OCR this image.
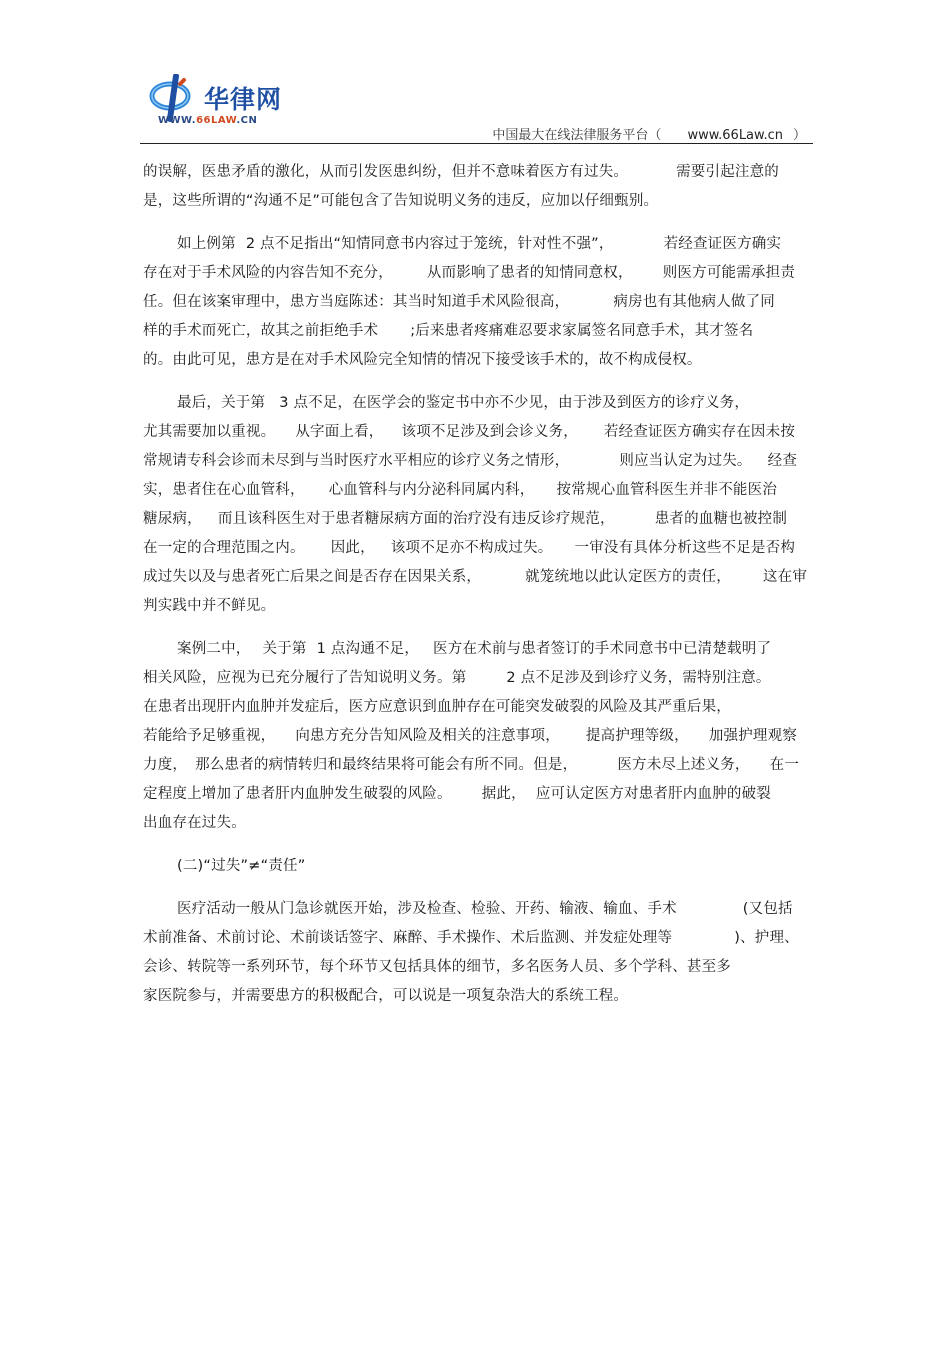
华律网
WWW.66LAW.CN
中国最大在线法律服务平台（ www.66Law.cn ）
的误解，医患矛盾的激化，从而引发医患纠纷，但并不意味着医方有过失。	需要引起注意的
是，这些所谓的“沟通不足”可能包含了告知说明义务的违反，应加以仔细甄别。
如上例第 2 点不足指出“知情同意书内容过于笼统，针对性不强”，	若经查证医方确实
存在对于手术风险的内容告知不充分， 从而影响了患者的知情同意权， 则医方可能需承担责
任。但在该案审理中，患方当庭陈述：其当时知道手术风险很高，	病房也有其他病人做了同
样的手术而死亡，故其之前拒绝手术 ;后来患者疼痛难忍要求家属签名同意手术，其才签名
的。由此可见，患方是在对手术风险完全知情的情况下接受该手术的，故不构成侵权。
最后，关于第 3 点不足，在医学会的鉴定书中亦不少见，由于涉及到医方的诊疗义务，
尤其需要加以重视。 从字面上看， 该项不足涉及到会诊义务， 若经查证医方确实存在因未按
常规请专科会诊而未尽到与当时医疗水平相应的诊疗义务之情形，	则应当认定为过失。 经查
实，患者住在心血管科， 心血管科与内分泌科同属内科， 按常规心血管科医生并非不能医治
糖尿病， 而且该科医生对于患者糖尿病方面的治疗没有违反诊疗规范，	患者的血糖也被控制
在一定的合理范围之内。 因此， 该项不足亦不构成过失。 一审没有具体分析这些不足是否构
成过失以及与患者死亡后果之间是否存在因果关系，	就笼统地以此认定医方的责任， 这在审
判实践中并不鲜见。
案例二中， 关于第 1 点沟通不足， 医方在术前与患者签订的手术同意书中已清楚载明了
相关风险，应视为已充分履行了告知说明义务。第	2 点不足涉及到诊疗义务，需特别注意。
在患者出现肝内血肿并发症后，医方应意识到血肿存在可能突发破裂的风险及其严重后果，
若能给予足够重视， 向患方充分告知风险及相关的注意事项， 提高护理等级， 加强护理观察
力度， 那么患者的病情转归和最终结果将可能会有所不同。但是，	医方未尽上述义务， 在一
定程度上增加了患者肝内血肿发生破裂的风险。 据此， 应可认定医方对患者肝内血肿的破裂
出血存在过失。
(二)“过失”≠“责任”
医疗活动一般从门急诊就医开始，涉及检查、检验、开药、输液、输血、手术	(又包括
术前准备、术前讨论、术前谈话签字、麻醉、手术操作、术后监测、并发症处理等	)、护理、
会诊、转院等一系列环节，每个环节又包括具体的细节，多名医务人员、多个学科、甚至多
家医院参与，并需要患方的积极配合，可以说是一项复杂浩大的系统工程。
